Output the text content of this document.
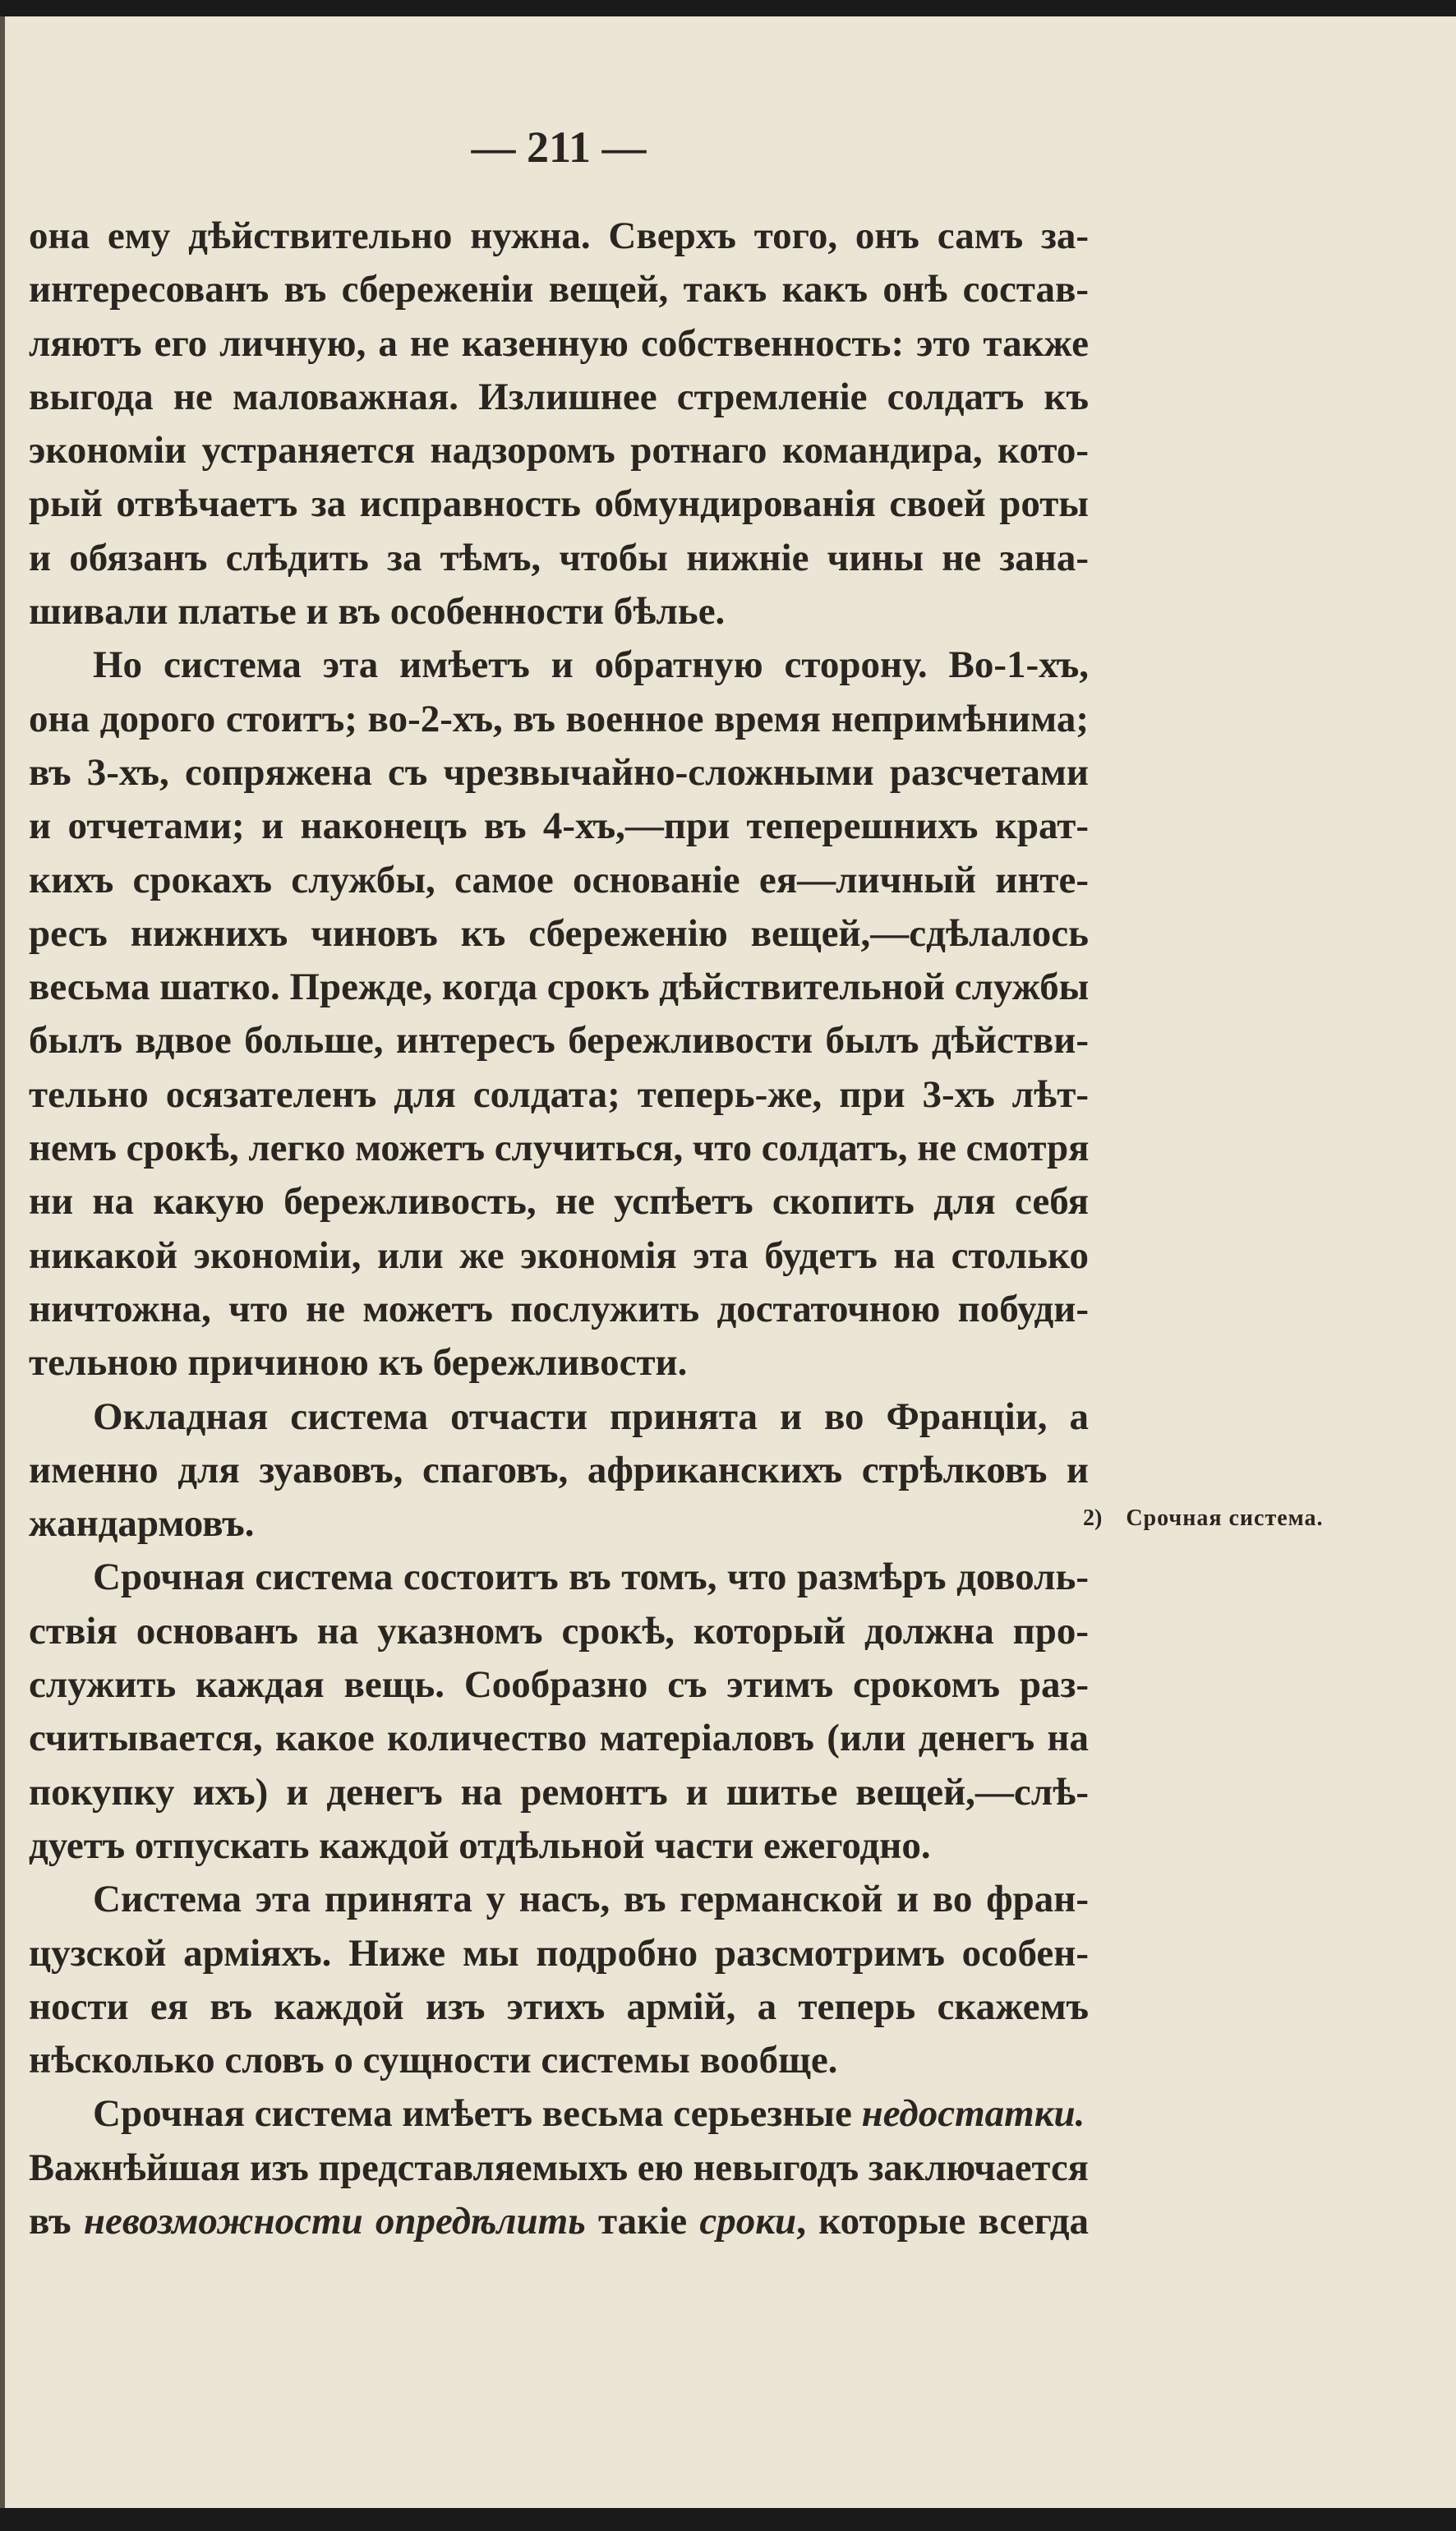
— 211 —
она ему дѣйствительно нужна. Сверхъ того, онъ самъ за-
интересованъ въ сбереженіи вещей, такъ какъ онѣ состав-
ляютъ его личную, а не казенную собственность: это также
выгода не маловажная. Излишнее стремленіе солдатъ къ
экономіи устраняется надзоромъ ротнаго командира, кото-
рый отвѣчаетъ за исправность обмундированія своей роты
и обязанъ слѣдить за тѣмъ, чтобы нижніе чины не зана-
шивали платье и въ особенности бѣлье.
Но система эта имѣетъ и обратную сторону. Во-1-хъ,
она дорого стоитъ; во-2-хъ, въ военное время непримѣнима;
въ 3-хъ, сопряжена съ чрезвычайно-сложными разсчетами
и отчетами; и наконецъ въ 4-хъ,—при теперешнихъ крат-
кихъ срокахъ службы, самое основаніе ея—личный инте-
ресъ нижнихъ чиновъ къ сбереженію вещей,—сдѣлалось
весьма шатко. Прежде, когда срокъ дѣйствительной службы
былъ вдвое больше, интересъ бережливости былъ дѣйстви-
тельно осязателенъ для солдата; теперь-же, при 3-хъ лѣт-
немъ срокѣ, легко можетъ случиться, что солдатъ, не смотря
ни на какую бережливость, не успѣетъ скопить для себя
никакой экономіи, или же экономія эта будетъ на столько
ничтожна, что не можетъ послужить достаточною побуди-
тельною причиною къ бережливости.
Окладная система отчасти принята и во Франціи, а
именно для зуавовъ, спаговъ, африканскихъ стрѣлковъ и
жандармовъ.
Срочная система состоитъ въ томъ, что размѣръ доволь-
ствія основанъ на указномъ срокѣ, который должна про-
служить каждая вещь. Сообразно съ этимъ срокомъ раз-
считывается, какое количество матеріаловъ (или денегъ на
покупку ихъ) и денегъ на ремонтъ и шитье вещей,—слѣ-
дуетъ отпускать каждой отдѣльной части ежегодно.
Система эта принята у насъ, въ германской и во фран-
цузской арміяхъ. Ниже мы подробно разсмотримъ особен-
ности ея въ каждой изъ этихъ армій, а теперь скажемъ
нѣсколько словъ о сущности системы вообще.
Срочная система имѣетъ весьма серьезные недостатки.
Важнѣйшая изъ представляемыхъ ею невыгодъ заключается
въ невозможности опредѣлить такіе сроки, которые всегда
2) Срочная система.
